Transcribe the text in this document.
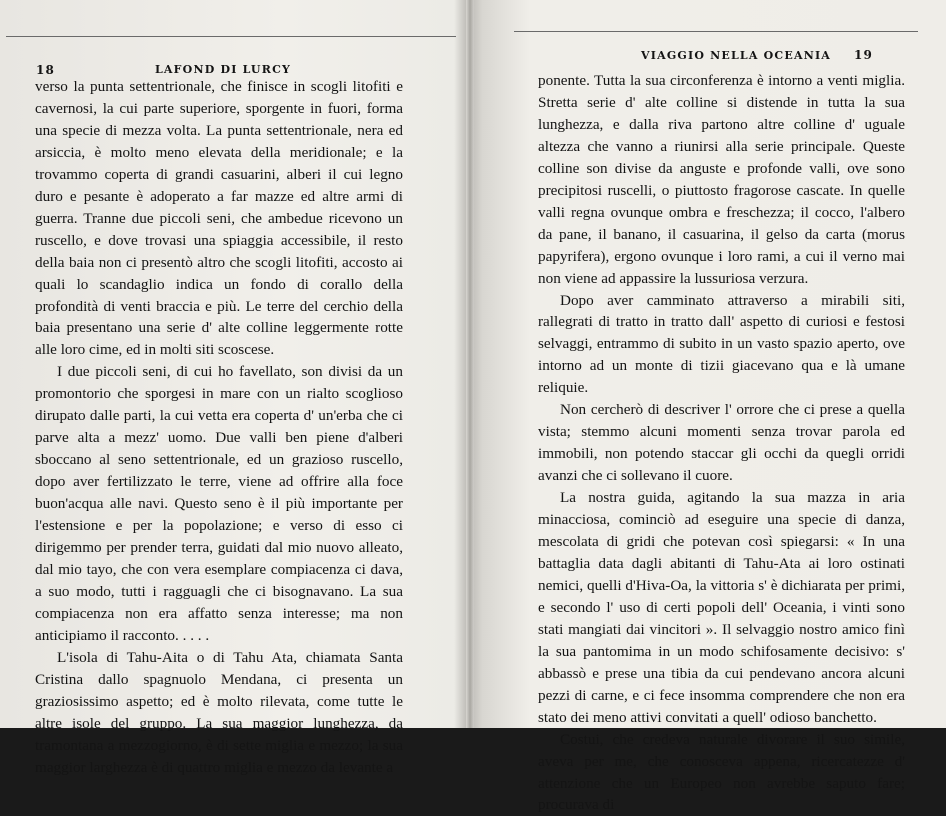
18	LAFOND DI LURCY

verso la punta settentrionale, che finisce in scogli litofiti e cavernosi, la cui parte superiore, sporgente in fuori, forma una specie di mezza volta. La punta settentrionale, nera ed arsiccia, è molto meno elevata della meridionale; e la trovammo coperta di grandi casuarini, alberi il cui legno duro e pesante è adoperato a far mazze ed altre armi di guerra. Tranne due piccoli seni, che ambedue ricevono un ruscello, e dove trovasi una spiaggia accessibile, il resto della baia non ci presentò altro che scogli litofiti, accosto ai quali lo scandaglio indica un fondo di corallo della profondità di venti braccia e più. Le terre del cerchio della baia presentano una serie d' alte colline leggermente rotte alle loro cime, ed in molti siti scoscese.

I due piccoli seni, di cui ho favellato, son divisi da un promontorio che sporgesi in mare con un rialto scoglioso dirupato dalle parti, la cui vetta era coperta d' un'erba che ci parve alta a mezz' uomo. Due valli ben piene d'alberi sboccano al seno settentrionale, ed un grazioso ruscello, dopo aver fertilizzato le terre, viene ad offrire alla foce buon'acqua alle navi. Questo seno è il più importante per l'estensione e per la popolazione; e verso di esso ci dirigemmo per prender terra, guidati dal mio nuovo alleato, dal mio tayo, che con vera esemplare compiacenza ci dava, a suo modo, tutti i ragguagli che ci bisognavano. La sua compiacenza non era affatto senza interesse; ma non anticipiamo il racconto. . . . .

L'isola di Tahu-Aita o di Tahu Ata, chiamata Santa Cristina dallo spagnuolo Mendana, ci presenta un graziosissimo aspetto; ed è molto rilevata, come tutte le altre isole del gruppo. La sua maggior lunghezza, da tramontana a mezzogiorno, è di sette miglia e mezzo; la sua maggior larghezza è di quattro miglia e mezzo da levante a

VIAGGIO NELLA OCEANIA 19

ponente. Tutta la sua circonferenza è intorno a venti miglia. Stretta serie d' alte colline si distende in tutta la sua lunghezza, e dalla riva partono altre colline d' uguale altezza che vanno a riunirsi alla serie principale. Queste colline son divise da anguste e profonde valli, ove sono precipitosi ruscelli, o piuttosto fragorose cascate. In quelle valli regna ovunque ombra e freschezza; il cocco, l'albero da pane, il banano, il casuarina, il gelso da carta (morus papyrifera), ergono ovunque i loro rami, a cui il verno mai non viene ad appassire la lussuriosa verzura.

Dopo aver camminato attraverso a mirabili siti, rallegrati di tratto in tratto dall' aspetto di curiosi e festosi selvaggi, entrammo di subito in un vasto spazio aperto, ove intorno ad un monte di tizii giacevano qua e là umane reliquie.

Non cercherò di descriver l' orrore che ci prese a quella vista; stemmo alcuni momenti senza trovar parola ed immobili, non potendo staccar gli occhi da quegli orridi avanzi che ci sollevano il cuore.

La nostra guida, agitando la sua mazza in aria minacciosa, cominciò ad eseguire una specie di danza, mescolata di gridi che potevan così spiegarsi: « In una battaglia data dagli abitanti di Tahu-Ata ai loro ostinati nemici, quelli d'Hiva-Oa, la vittoria s' è dichiarata per primi, e secondo l' uso di certi popoli dell' Oceania, i vinti sono stati mangiati dai vincitori ». Il selvaggio nostro amico finì la sua pantomima in un modo schifosamente decisivo: s' abbassò e prese una tibia da cui pendevano ancora alcuni pezzi di carne, e ci fece insomma comprendere che non era stato dei meno attivi convitati a quell' odioso banchetto.

Costui, che credeva naturale divorare il suo simile, aveva per me, che conosceva appena, ricercatezze d' attenzione che un Europeo non avrebbe saputo fare; procurava di
